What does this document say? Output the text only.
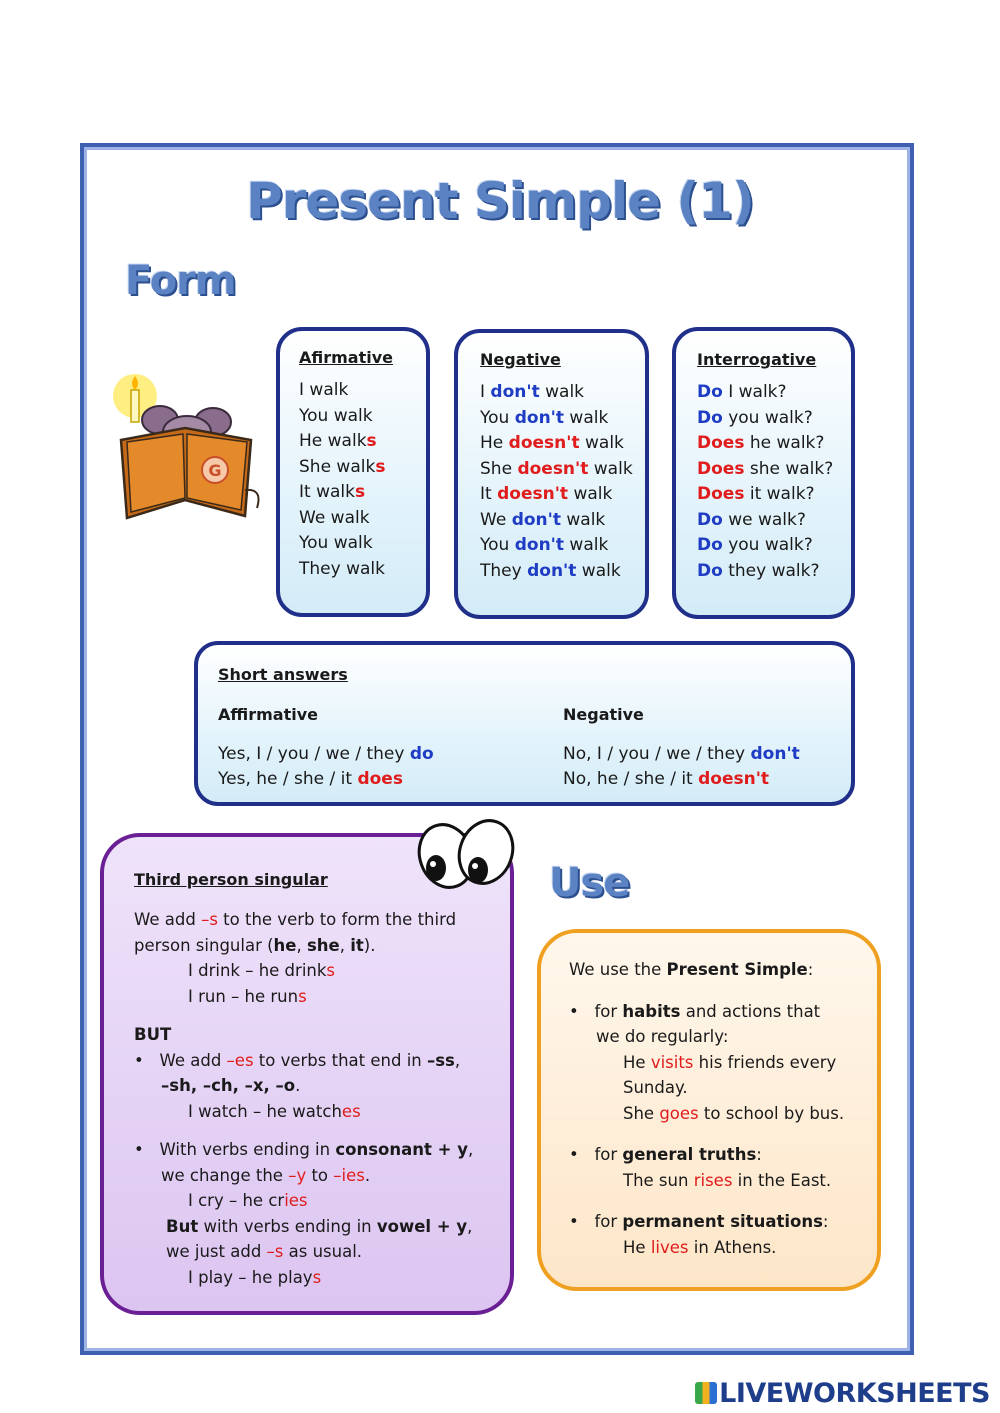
Present Simple (1)
Form
Use
G
Afirmative
I walk
You walk
He walks
She walks
It walks
We walk
You walk
They walk
Negative
I don't walk
You don't walk
He doesn't walk
She doesn't walk
It doesn't walk
We don't walk
You don't walk
They don't walk
Interrogative
Do I walk?
Do you walk?
Does he walk?
Does she walk?
Does it walk?
Do we walk?
Do you walk?
Do they walk?
Short answers
Affirmative	Negative
Yes, I / you / we / they do
Yes, he / she / it does
No, I / you / we / they don't
No, he / she / it doesn't
Third person singular
We add –s to the verb to form the third
person singular (he, she, it).
I drink – he drinks
I run – he runs
BUT
• We add –es to verbs that end in –ss,
–sh, –ch, –x, –o.
I watch – he watches
• With verbs ending in consonant + y,
we change the –y to –ies.
I cry – he cries
But with verbs ending in vowel + y,
we just add –s as usual.
I play – he plays
We use the Present Simple:
• for habits and actions that
we do regularly:
He visits his friends every
Sunday.
She goes to school by bus.
• for general truths:
The sun rises in the East.
• for permanent situations:
He lives in Athens.
LIVEWORKSHEETS
